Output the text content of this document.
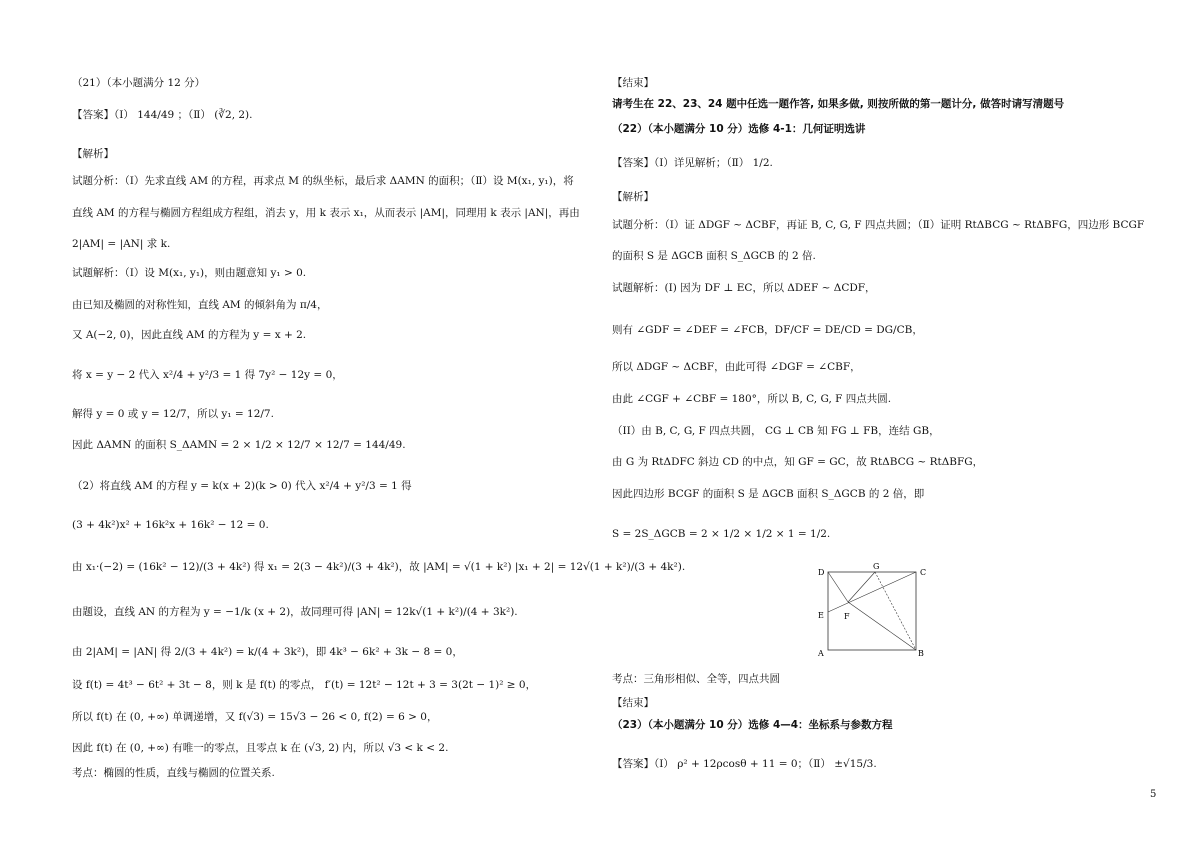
（21）（本小题满分 12 分）
【答案】（Ⅰ） 144/49 ；（Ⅱ） (∛2, 2).
【解析】
试题分析：（Ⅰ）先求直线 AM 的方程，再求点 M 的纵坐标，最后求 ΔAMN 的面积；（Ⅱ）设 M(x₁, y₁)，将
直线 AM 的方程与椭圆方程组成方程组，消去 y，用 k 表示 x₁，从而表示 |AM|，同理用 k 表示 |AN|，再由
2|AM| = |AN| 求 k.
试题解析：（Ⅰ）设 M(x₁, y₁)，则由题意知 y₁ > 0.
由已知及椭圆的对称性知，直线 AM 的倾斜角为 π/4，
又 A(−2, 0)，因此直线 AM 的方程为 y = x + 2.
将 x = y − 2 代入 x²/4 + y²/3 = 1 得 7y² − 12y = 0，
解得 y = 0 或 y = 12/7，所以 y₁ = 12/7.
因此 ΔAMN 的面积 S_ΔAMN = 2 × 1/2 × 12/7 × 12/7 = 144/49.
（2）将直线 AM 的方程 y = k(x + 2)(k > 0) 代入 x²/4 + y²/3 = 1 得
(3 + 4k²)x² + 16k²x + 16k² − 12 = 0.
由 x₁·(−2) = (16k² − 12)/(3 + 4k²) 得 x₁ = 2(3 − 4k²)/(3 + 4k²)，故 |AM| = √(1 + k²) |x₁ + 2| = 12√(1 + k²)/(3 + 4k²).
由题设，直线 AN 的方程为 y = −1/k (x + 2)，故同理可得 |AN| = 12k√(1 + k²)/(4 + 3k²).
由 2|AM| = |AN| 得 2/(3 + 4k²) = k/(4 + 3k²)，即 4k³ − 6k² + 3k − 8 = 0，
设 f(t) = 4t³ − 6t² + 3t − 8，则 k 是 f(t) 的零点， f′(t) = 12t² − 12t + 3 = 3(2t − 1)² ≥ 0，
所以 f(t) 在 (0, +∞) 单调递增，又 f(√3) = 15√3 − 26 < 0, f(2) = 6 > 0，
因此 f(t) 在 (0, +∞) 有唯一的零点，且零点 k 在 (√3, 2) 内，所以 √3 < k < 2.
考点：椭圆的性质，直线与椭圆的位置关系.
【结束】
请考生在 22、23、24 题中任选一题作答, 如果多做, 则按所做的第一题计分, 做答时请写清题号
（22）（本小题满分 10 分）选修 4-1：几何证明选讲
【答案】（Ⅰ）详见解析；（Ⅱ） 1/2.
【解析】
试题分析：（Ⅰ）证 ΔDGF ~ ΔCBF，再证 B, C, G, F 四点共圆；（Ⅱ）证明 RtΔBCG ~ RtΔBFG，四边形 BCGF
的面积 S 是 ΔGCB 面积 S_ΔGCB 的 2 倍.
试题解析：(I) 因为 DF ⊥ EC，所以 ΔDEF ~ ΔCDF，
则有 ∠GDF = ∠DEF = ∠FCB，DF/CF = DE/CD = DG/CB，
所以 ΔDGF ~ ΔCBF，由此可得 ∠DGF = ∠CBF，
由此 ∠CGF + ∠CBF = 180°，所以 B, C, G, F 四点共圆.
（II）由 B, C, G, F 四点共圆， CG ⊥ CB 知 FG ⊥ FB，连结 GB，
由 G 为 RtΔDFC 斜边 CD 的中点，知 GF = GC，故 RtΔBCG ~ RtΔBFG，
因此四边形 BCGF 的面积 S 是 ΔGCB 面积 S_ΔGCB 的 2 倍，即
S = 2S_ΔGCB = 2 × 1/2 × 1/2 × 1 = 1/2.
考点：三角形相似、全等，四点共圆
【结束】
（23）（本小题满分 10 分）选修 4—4：坐标系与参数方程
【答案】（Ⅰ） ρ² + 12ρcosθ + 11 = 0；（Ⅱ） ±√15/3.
D
G
C
E	F
A	B
5
